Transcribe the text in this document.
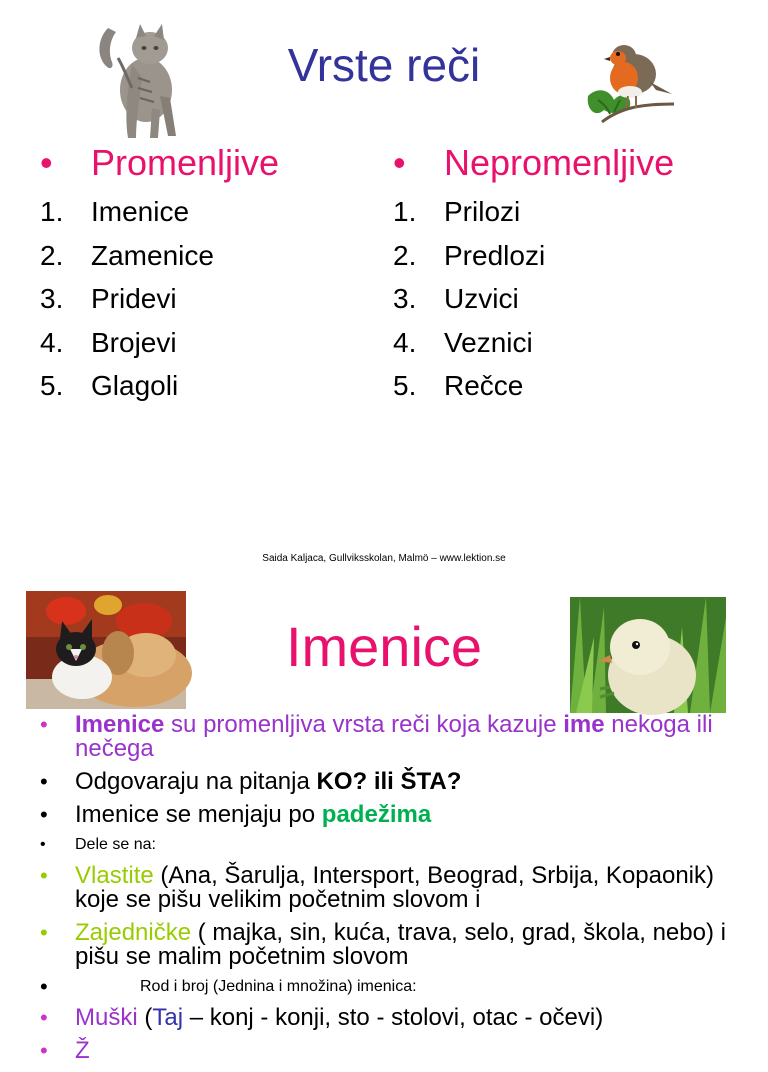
Vrste reči
•	Promenljive
1. Imenice
2. Zamenice
3. Pridevi
4. Brojevi
5. Glagoli
•	Nepromenljive
1. Prilozi
2. Predlozi
3. Uzvici
4. Veznici
5. Rečce
Saida Kaljaca, Gullviksskolan, Malmö – www.lektion.se
Imenice
• Imenice su promenljiva vrsta reči koja kazuje ime nekoga ili nečega
• Odgovaraju na pitanja KO? ili ŠTA?
• Imenice se menjaju po padežima
• Dele se na:
• Vlastite (Ana, Šarulja, Intersport, Beograd, Srbija, Kopaonik) koje se pišu velikim početnim slovom i
• Zajedničke ( majka, sin, kuća, trava, selo, grad, škola, nebo) i pišu se malim početnim slovom
•	Rod i broj (Jednina i množina) imenica:
• Muški (Taj – konj - konji, sto - stolovi, otac - očevi)
• Ž
